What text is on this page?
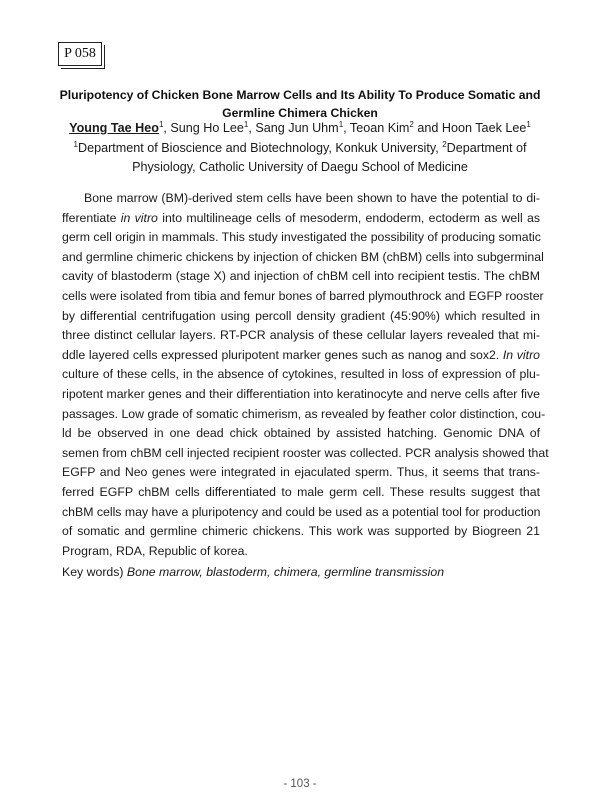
P 058
Pluripotency of Chicken Bone Marrow Cells and Its Ability To Produce Somatic and
Germline Chimera Chicken
Young Tae Heo$^1$, Sung Ho Lee$^1$, Sang Jun Uhm$^1$, Teoan Kim$^2$ and Hoon Taek Lee$^1$
$^1$Department of Bioscience and Biotechnology, Konkuk University, $^2$Department of
Physiology, Catholic University of Daegu School of Medicine
Bone marrow (BM)-derived stem cells have been shown to have the potential to di-
fferentiate in vitro into multilineage cells of mesoderm, endoderm, ectoderm as well as
germ cell origin in mammals. This study investigated the possibility of producing somatic
and germline chimeric chickens by injection of chicken BM (chBM) cells into subgerminal
cavity of blastoderm (stage X) and injection of chBM cell into recipient testis. The chBM
cells were isolated from tibia and femur bones of barred plymouthrock and EGFP rooster
by differential centrifugation using percoll density gradient (45:90%) which resulted in
three distinct cellular layers. RT-PCR analysis of these cellular layers revealed that mi-
ddle layered cells expressed pluripotent marker genes such as nanog and sox2. In vitro
culture of these cells, in the absence of cytokines, resulted in loss of expression of plu-
ripotent marker genes and their differentiation into keratinocyte and nerve cells after five
passages. Low grade of somatic chimerism, as revealed by feather color distinction, cou-
ld be observed in one dead chick obtained by assisted hatching. Genomic DNA of
semen from chBM cell injected recipient rooster was collected. PCR analysis showed that
EGFP and Neo genes were integrated in ejaculated sperm. Thus, it seems that trans-
ferred EGFP chBM cells differentiated to male germ cell. These results suggest that
chBM cells may have a pluripotency and could be used as a potential tool for production
of somatic and germline chimeric chickens. This work was supported by Biogreen 21
Program, RDA, Republic of korea.
Key words) Bone marrow, blastoderm, chimera, germline transmission
- 103 -
